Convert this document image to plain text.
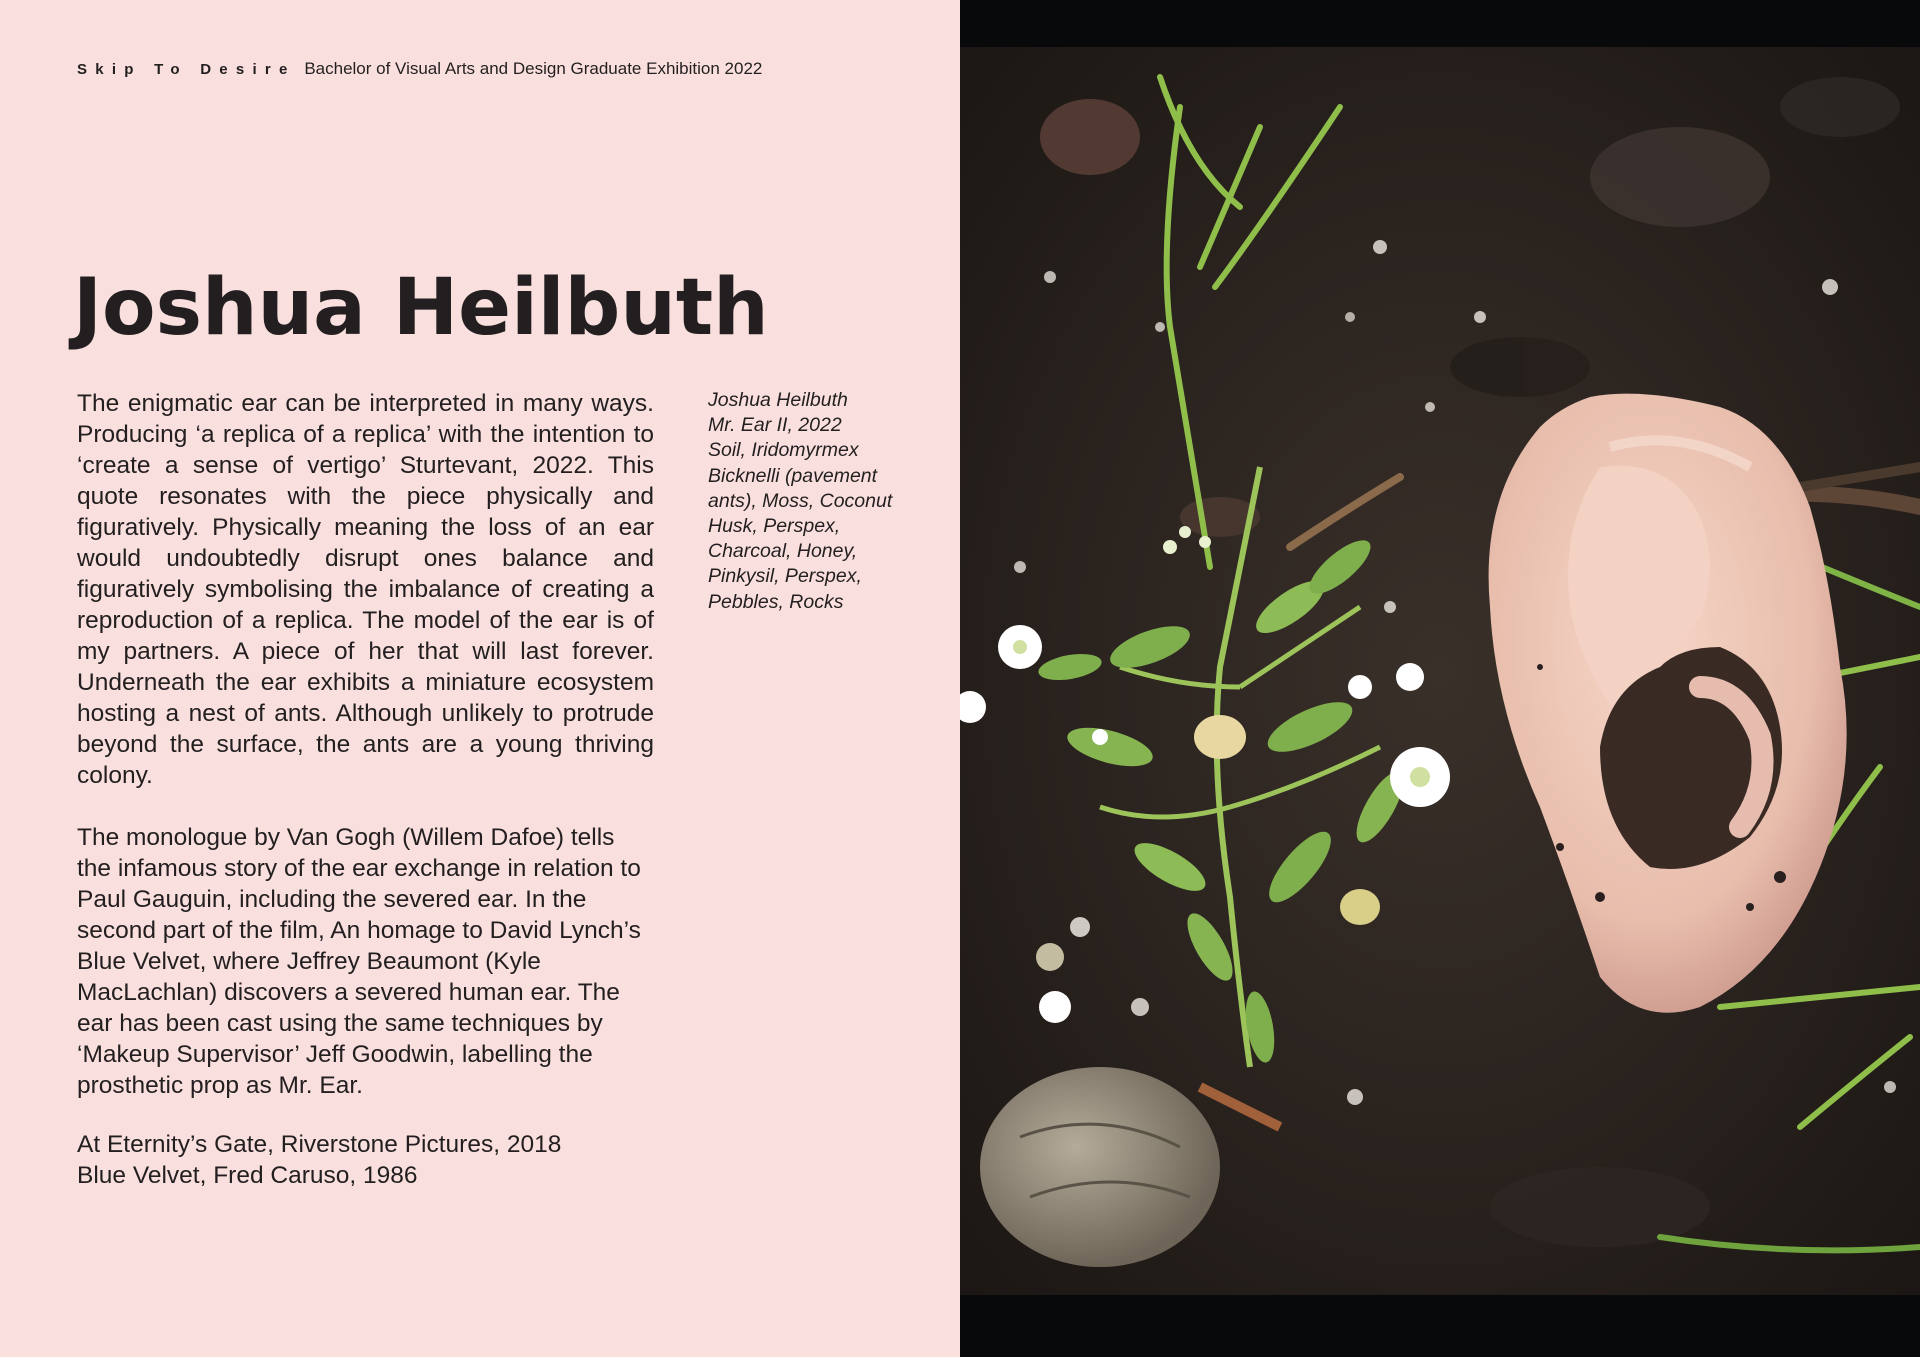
Skip To Desire Bachelor of Visual Arts and Design Graduate Exhibition 2022
Joshua Heilbuth

The enigmatic ear can be interpreted in many ways. Producing ‘a replica of a replica’ with the intention to ‘create a sense of vertigo’ Sturtevant, 2022. This quote resonates with the piece physically and figuratively. Physically meaning the loss of an ear would undoubtedly disrupt ones balance and figuratively symbolising the imbalance of creating a reproduction of a replica. The model of the ear is of my partners. A piece of her that will last forever. Underneath the ear exhibits a miniature ecosystem hosting a nest of ants. Although unlikely to protrude beyond the surface, the ants are a young thriving colony.

The monologue by Van Gogh (Willem Dafoe) tells the infamous story of the ear exchange in relation to Paul Gauguin, including the severed ear. In the second part of the film, An homage to David Lynch’s Blue Velvet, where Jeffrey Beaumont (Kyle MacLachlan) discovers a severed human ear. The ear has been cast using the same techniques by ‘Makeup Supervisor’ Jeff Goodwin, labelling the prosthetic prop as Mr. Ear.

At Eternity’s Gate, Riverstone Pictures, 2018
Blue Velvet, Fred Caruso, 1986
Joshua Heilbuth
Mr. Ear II, 2022
Soil, Iridomyrmex
Bicknelli (pavement
ants), Moss, Coconut
Husk, Perspex,
Charcoal, Honey,
Pinkysil, Perspex,
Pebbles, Rocks
